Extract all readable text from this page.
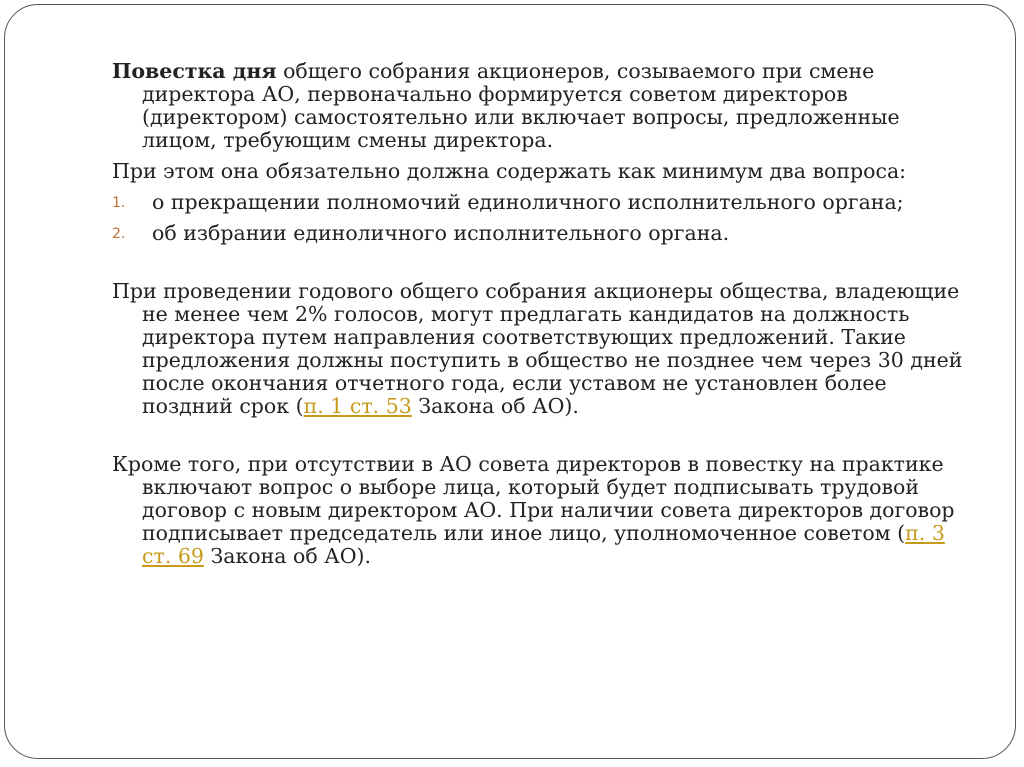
Повестка дня общего собрания акционеров, созываемого при смене директора АО, первоначально формируется советом директоров (директором) самостоятельно или включает вопросы, предложенные лицом, требующим смены директора.

При этом она обязательно должна содержать как минимум два вопроса:

1. о прекращении полномочий единоличного исполнительного органа;

2. об избрании единоличного исполнительного органа.

При проведении годового общего собрания акционеры общества, владеющие не менее чем 2% голосов, могут предлагать кандидатов на должность директора путем направления соответствующих предложений. Такие предложения должны поступить в общество не позднее чем через 30 дней после окончания отчетного года, если уставом не установлен более поздний срок (п. 1 ст. 53 Закона об АО).

Кроме того, при отсутствии в АО совета директоров в повестку на практике включают вопрос о выборе лица, который будет подписывать трудовой договор с новым директором АО. При наличии совета директоров договор подписывает председатель или иное лицо, уполномоченное советом (п. 3 ст. 69 Закона об АО).
